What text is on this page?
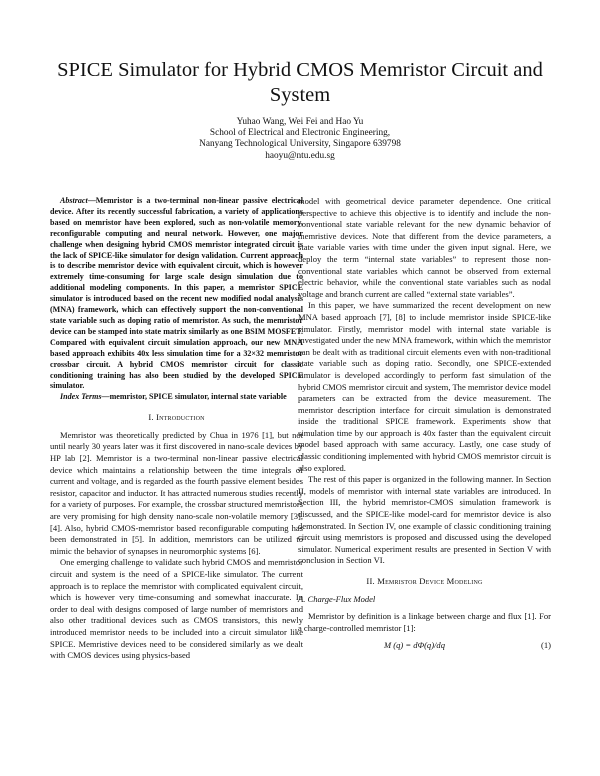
SPICE Simulator for Hybrid CMOS Memristor Circuit and System
Yuhao Wang, Wei Fei and Hao Yu
School of Electrical and Electronic Engineering,
Nanyang Technological University, Singapore 639798
haoyu@ntu.edu.sg

Abstract—Memristor is a two-terminal non-linear passive electrical device. After its recently successful fabrication, a variety of applications based on memristor have been explored, such as non-volatile memory, reconfigurable computing and neural network. However, one major challenge when designing hybrid CMOS memristor integrated circuit is the lack of SPICE-like simulator for design validation. Current approach is to describe memristor device with equivalent circuit, which is however extremely time-consuming for large scale design simulation due to additional modeling components. In this paper, a memristor SPICE simulator is introduced based on the recent new modified nodal analysis (MNA) framework, which can effectively support the non-conventional state variable such as doping ratio of memristor. As such, the memristor device can be stamped into state matrix similarly as one BSIM MOSFET. Compared with equivalent circuit simulation approach, our new MNA based approach exhibits 40x less simulation time for a 32×32 memristor crossbar circuit. A hybrid CMOS memristor circuit for classic conditioning training has also been studied by the developed SPICE simulator.

Index Terms—memristor, SPICE simulator, internal state variable

I. Introduction

Memristor was theoretically predicted by Chua in 1976 [1], but not until nearly 30 years later was it first discovered in nano-scale devices by HP lab [2]. Memristor is a two-terminal non-linear passive electrical device which maintains a relationship between the time integrals of current and voltage, and is regarded as the fourth passive element besides resistor, capacitor and inductor. It has attracted numerous studies recently for a variety of purposes. For example, the crossbar structured memristors are very promising for high density nano-scale non-volatile memory [3], [4]. Also, hybrid CMOS-memristor based reconfigurable computing has been demonstrated in [5]. In addition, memristors can be utilized to mimic the behavior of synapses in neuromorphic systems [6].

One emerging challenge to validate such hybrid CMOS and memristor circuit and system is the need of a SPICE-like simulator. The current approach is to replace the memristor with complicated equivalent circuit, which is however very time-consuming and somewhat inaccurate. In order to deal with designs composed of large number of memristors and also other traditional devices such as CMOS transistors, this newly introduced memristor needs to be included into a circuit simulator like SPICE. Memristive devices need to be considered similarly as we dealt with CMOS devices using physics-based

model with geometrical device parameter dependence. One critical perspective to achieve this objective is to identify and include the non-conventional state variable relevant for the new dynamic behavior of memristive devices. Note that different from the device parameters, a state variable varies with time under the given input signal. Here, we deploy the term “internal state variables” to represent those non-conventional state variables which cannot be observed from external electric behavior, while the conventional state variables such as nodal voltage and branch current are called “external state variables”.

In this paper, we have summarized the recent development on new MNA based approach [7], [8] to include memristor inside SPICE-like simulator. Firstly, memristor model with internal state variable is investigated under the new MNA framework, within which the memristor can be dealt with as traditional circuit elements even with non-traditional state variable such as doping ratio. Secondly, one SPICE-extended simulator is developed accordingly to perform fast simulation of the hybrid CMOS memristor circuit and system, The memristor device model parameters can be extracted from the device measurement. The memristor description interface for circuit simulation is demonstrated inside the traditional SPICE framework. Experiments show that simulation time by our approach is 40x faster than the equivalent circuit model based approach with same accuracy. Lastly, one case study of classic conditioning implemented with hybrid CMOS memristor circuit is also explored.

The rest of this paper is organized in the following manner. In Section II, models of memristor with internal state variables are introduced. In Section III, the hybrid memristor-CMOS simulation framework is discussed, and the SPICE-like model-card for memristor device is also demonstrated. In Section IV, one example of classic conditioning training circuit using memristors is proposed and discussed using the developed simulator. Numerical experiment results are presented in Section V with conclusion in Section VI.

II. Memristor Device Modeling
A. Charge-Flux Model

Memristor by definition is a linkage between charge and flux [1]. For a charge-controlled memristor [1]:

M (q) = dΦ(q)/dq	(1)
